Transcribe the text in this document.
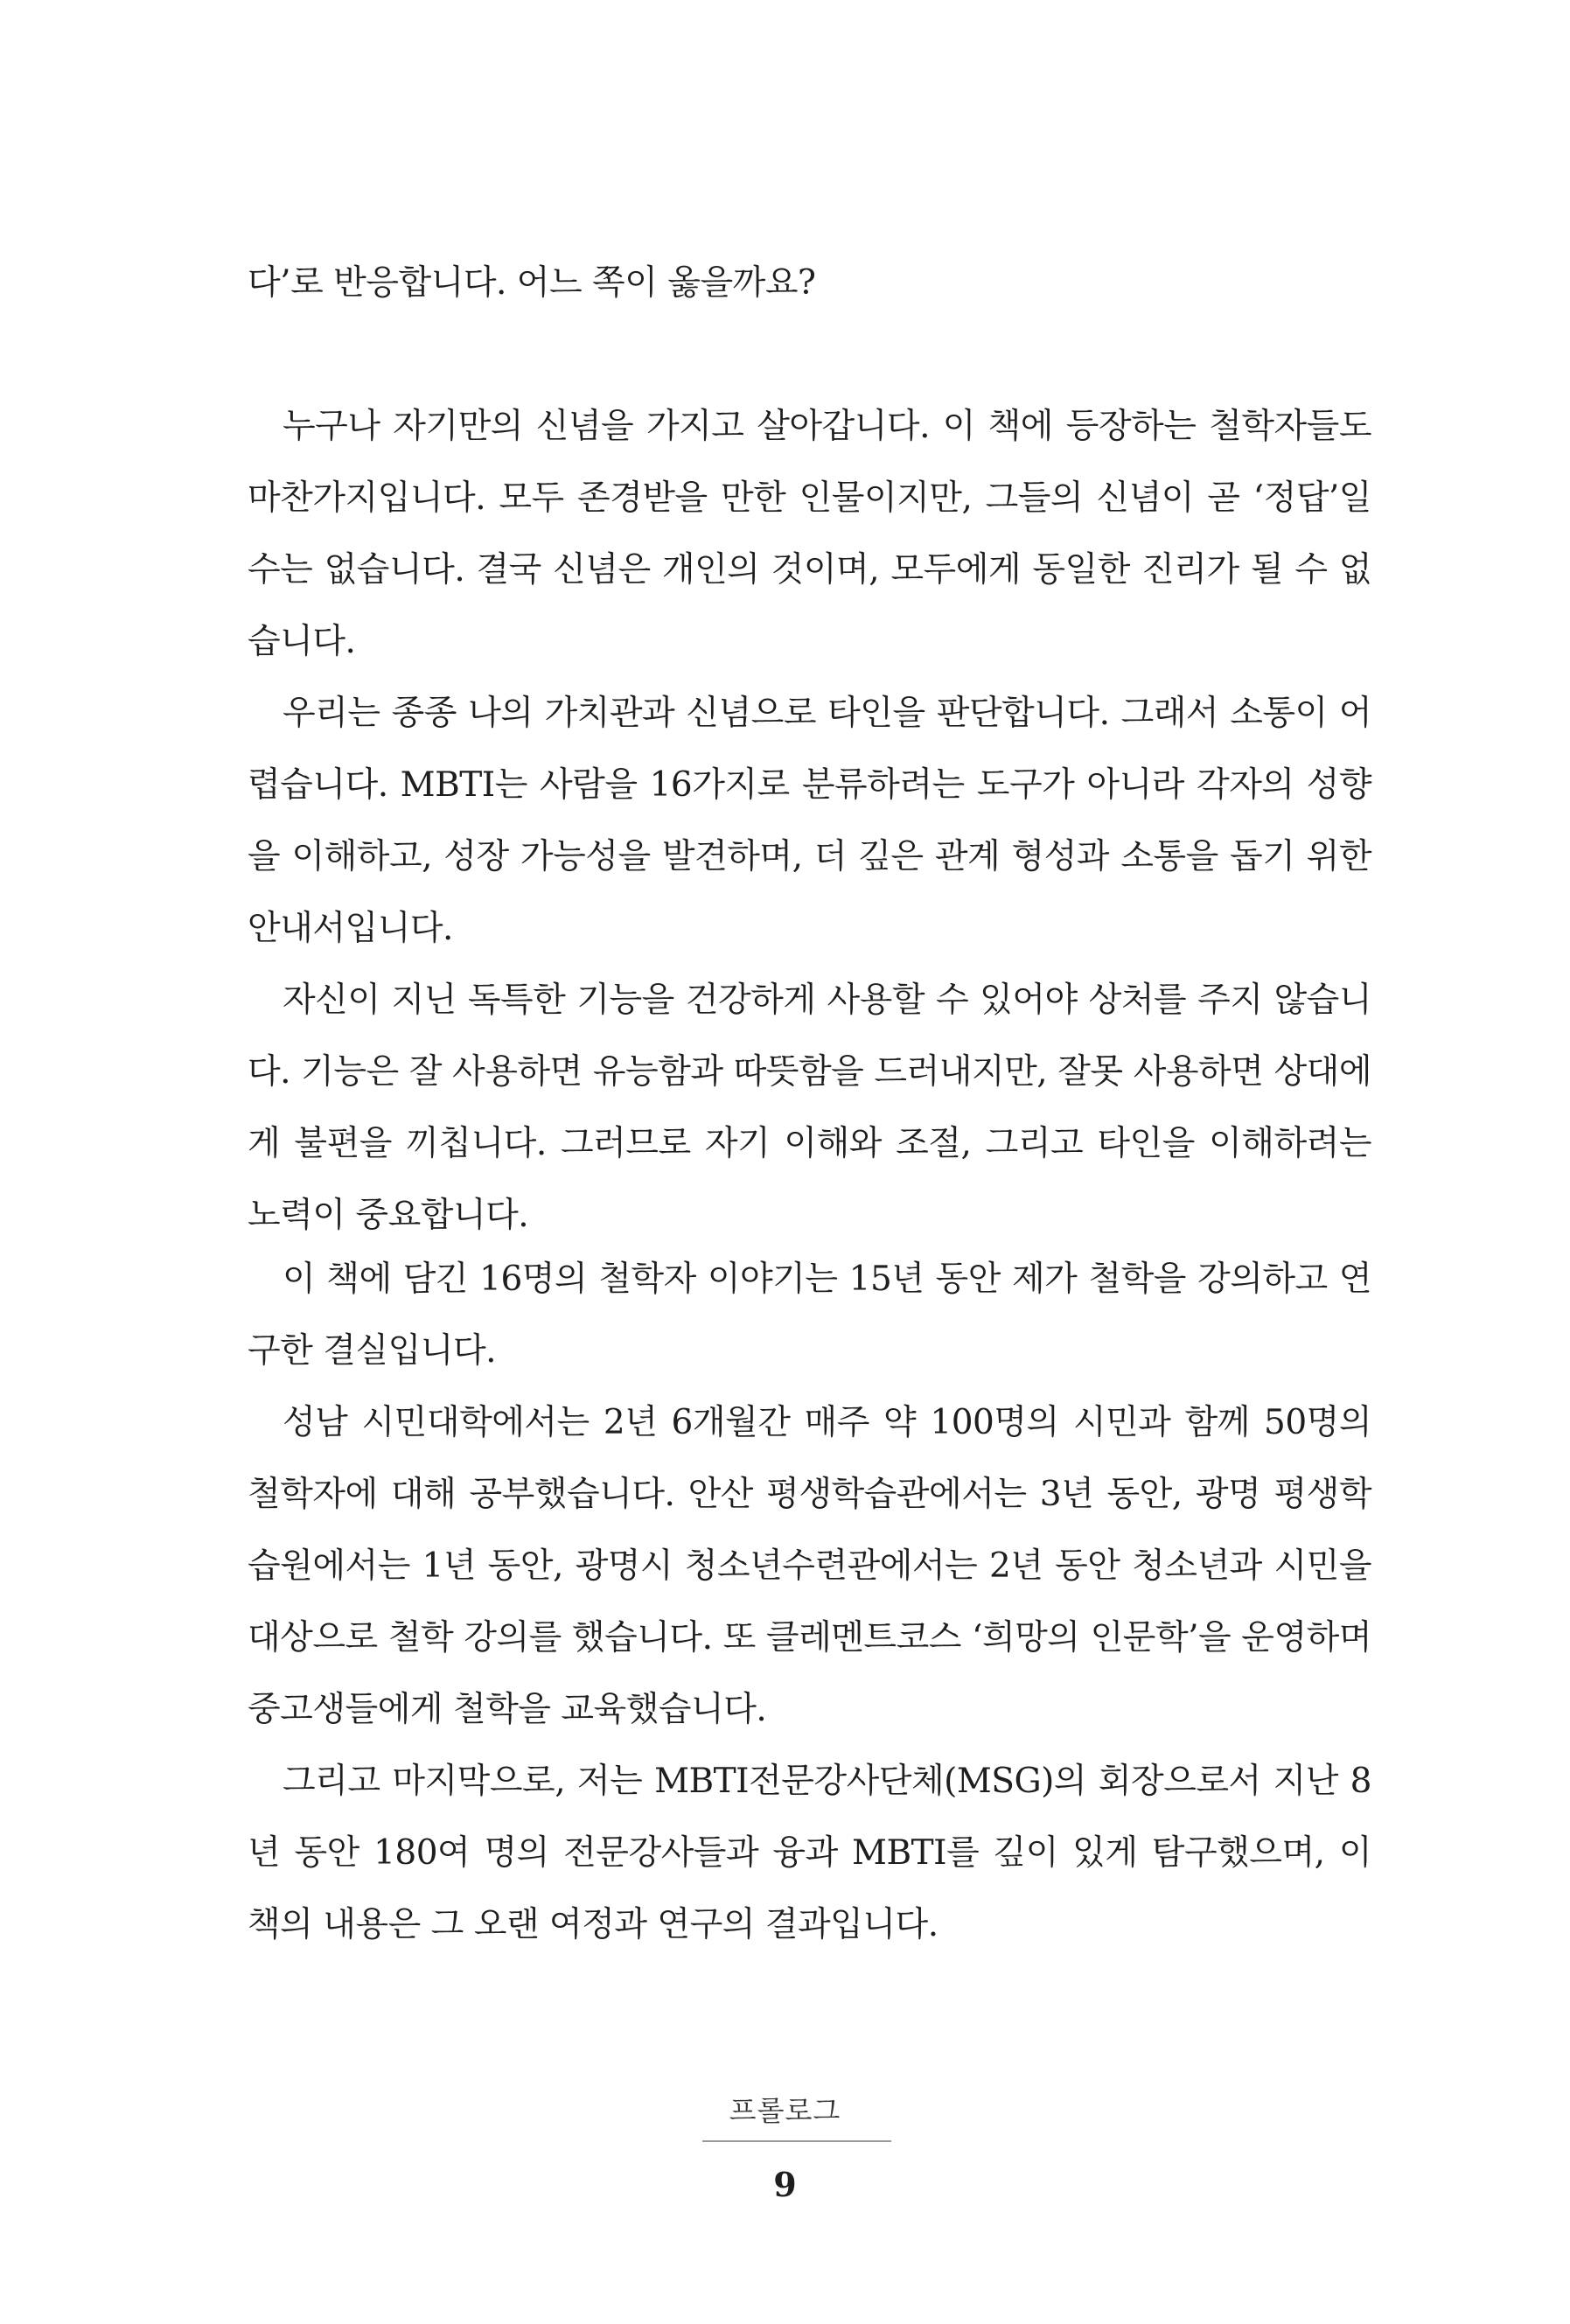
다’로 반응합니다. 어느 쪽이 옳을까요?

누구나 자기만의 신념을 가지고 살아갑니다. 이 책에 등장하는 철학자들도 마찬가지입니다. 모두 존경받을 만한 인물이지만, 그들의 신념이 곧 ‘정답’일 수는 없습니다. 결국 신념은 개인의 것이며, 모두에게 동일한 진리가 될 수 없습니다.

우리는 종종 나의 가치관과 신념으로 타인을 판단합니다. 그래서 소통이 어렵습니다. MBTI는 사람을 16가지로 분류하려는 도구가 아니라 각자의 성향을 이해하고, 성장 가능성을 발견하며, 더 깊은 관계 형성과 소통을 돕기 위한 안내서입니다.

자신이 지닌 독특한 기능을 건강하게 사용할 수 있어야 상처를 주지 않습니다. 기능은 잘 사용하면 유능함과 따뜻함을 드러내지만, 잘못 사용하면 상대에게 불편을 끼칩니다. 그러므로 자기 이해와 조절, 그리고 타인을 이해하려는 노력이 중요합니다.

이 책에 담긴 16명의 철학자 이야기는 15년 동안 제가 철학을 강의하고 연구한 결실입니다.

성남 시민대학에서는 2년 6개월간 매주 약 100명의 시민과 함께 50명의 철학자에 대해 공부했습니다. 안산 평생학습관에서는 3년 동안, 광명 평생학습원에서는 1년 동안, 광명시 청소년수련관에서는 2년 동안 청소년과 시민을 대상으로 철학 강의를 했습니다. 또 클레멘트코스 ‘희망의 인문학’을 운영하며 중고생들에게 철학을 교육했습니다.

그리고 마지막으로, 저는 MBTI전문강사단체(MSG)의 회장으로서 지난 8년 동안 180여 명의 전문강사들과 융과 MBTI를 깊이 있게 탐구했으며, 이 책의 내용은 그 오랜 여정과 연구의 결과입니다.

프롤로그
9
